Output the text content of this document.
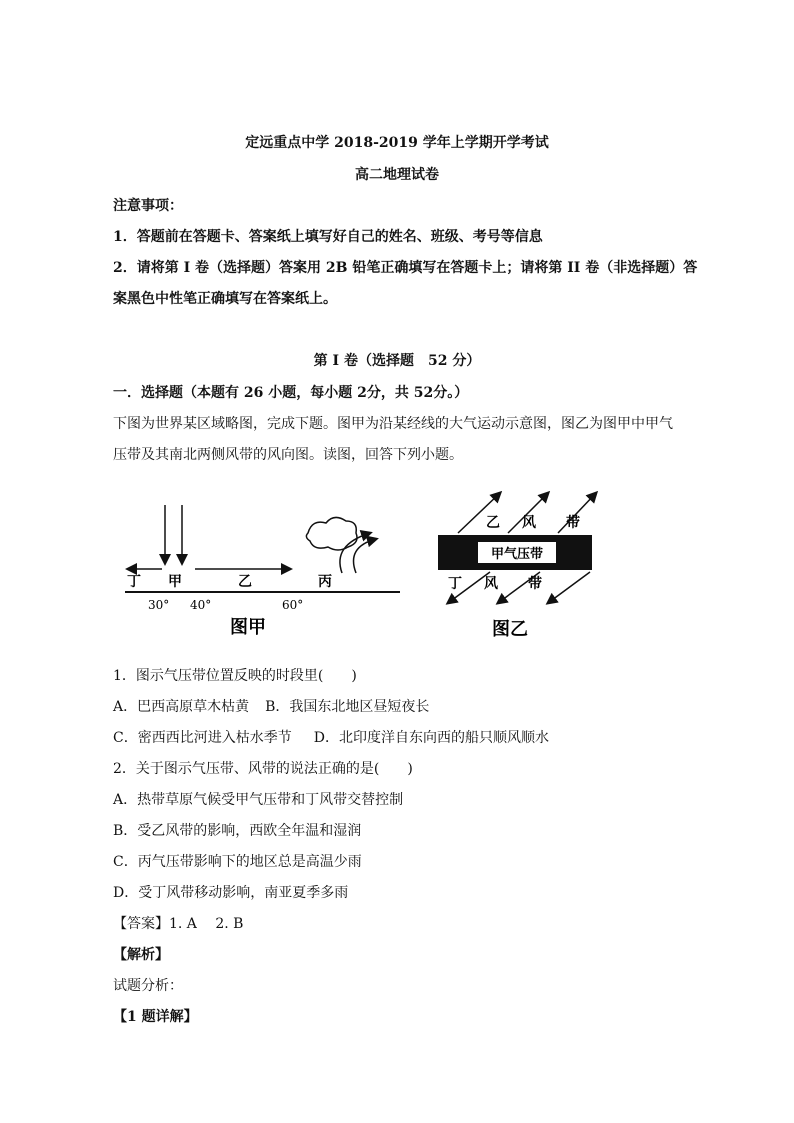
定远重点中学 2018-2019 学年上学期开学考试
高二地理试卷
注意事项：
1．答题前在答题卡、答案纸上填写好自己的姓名、班级、考号等信息
2．请将第 I 卷（选择题）答案用 2B 铅笔正确填写在答题卡上；请将第 II 卷（非选择题）答
案黑色中性笔正确填写在答案纸上。
第 I 卷（选择题　52 分）
一．选择题（本题有 26 小题，每小题 2分，共 52分。）
下图为世界某区域略图，完成下题。图甲为沿某经线的大气运动示意图，图乙为图甲中甲气
压带及其南北两侧风带的风向图。读图，回答下列小题。
丁 甲	乙	丙
30° 40°	60°
图甲
甲气压带
乙 风 带
丁 风 带
图乙
1．图示气压带位置反映的时段里(　　)
A．巴西高原草木枯黄 B．我国东北地区昼短夜长
C．密西西比河进入枯水季节 D．北印度洋自东向西的船只顺风顺水
2．关于图示气压带、风带的说法正确的是(　　)
A．热带草原气候受甲气压带和丁风带交替控制
B．受乙风带的影响，西欧全年温和湿润
C．丙气压带影响下的地区总是高温少雨
D．受丁风带移动影响，南亚夏季多雨
【答案】1. A　 2. B
【解析】
试题分析：
【1 题详解】
